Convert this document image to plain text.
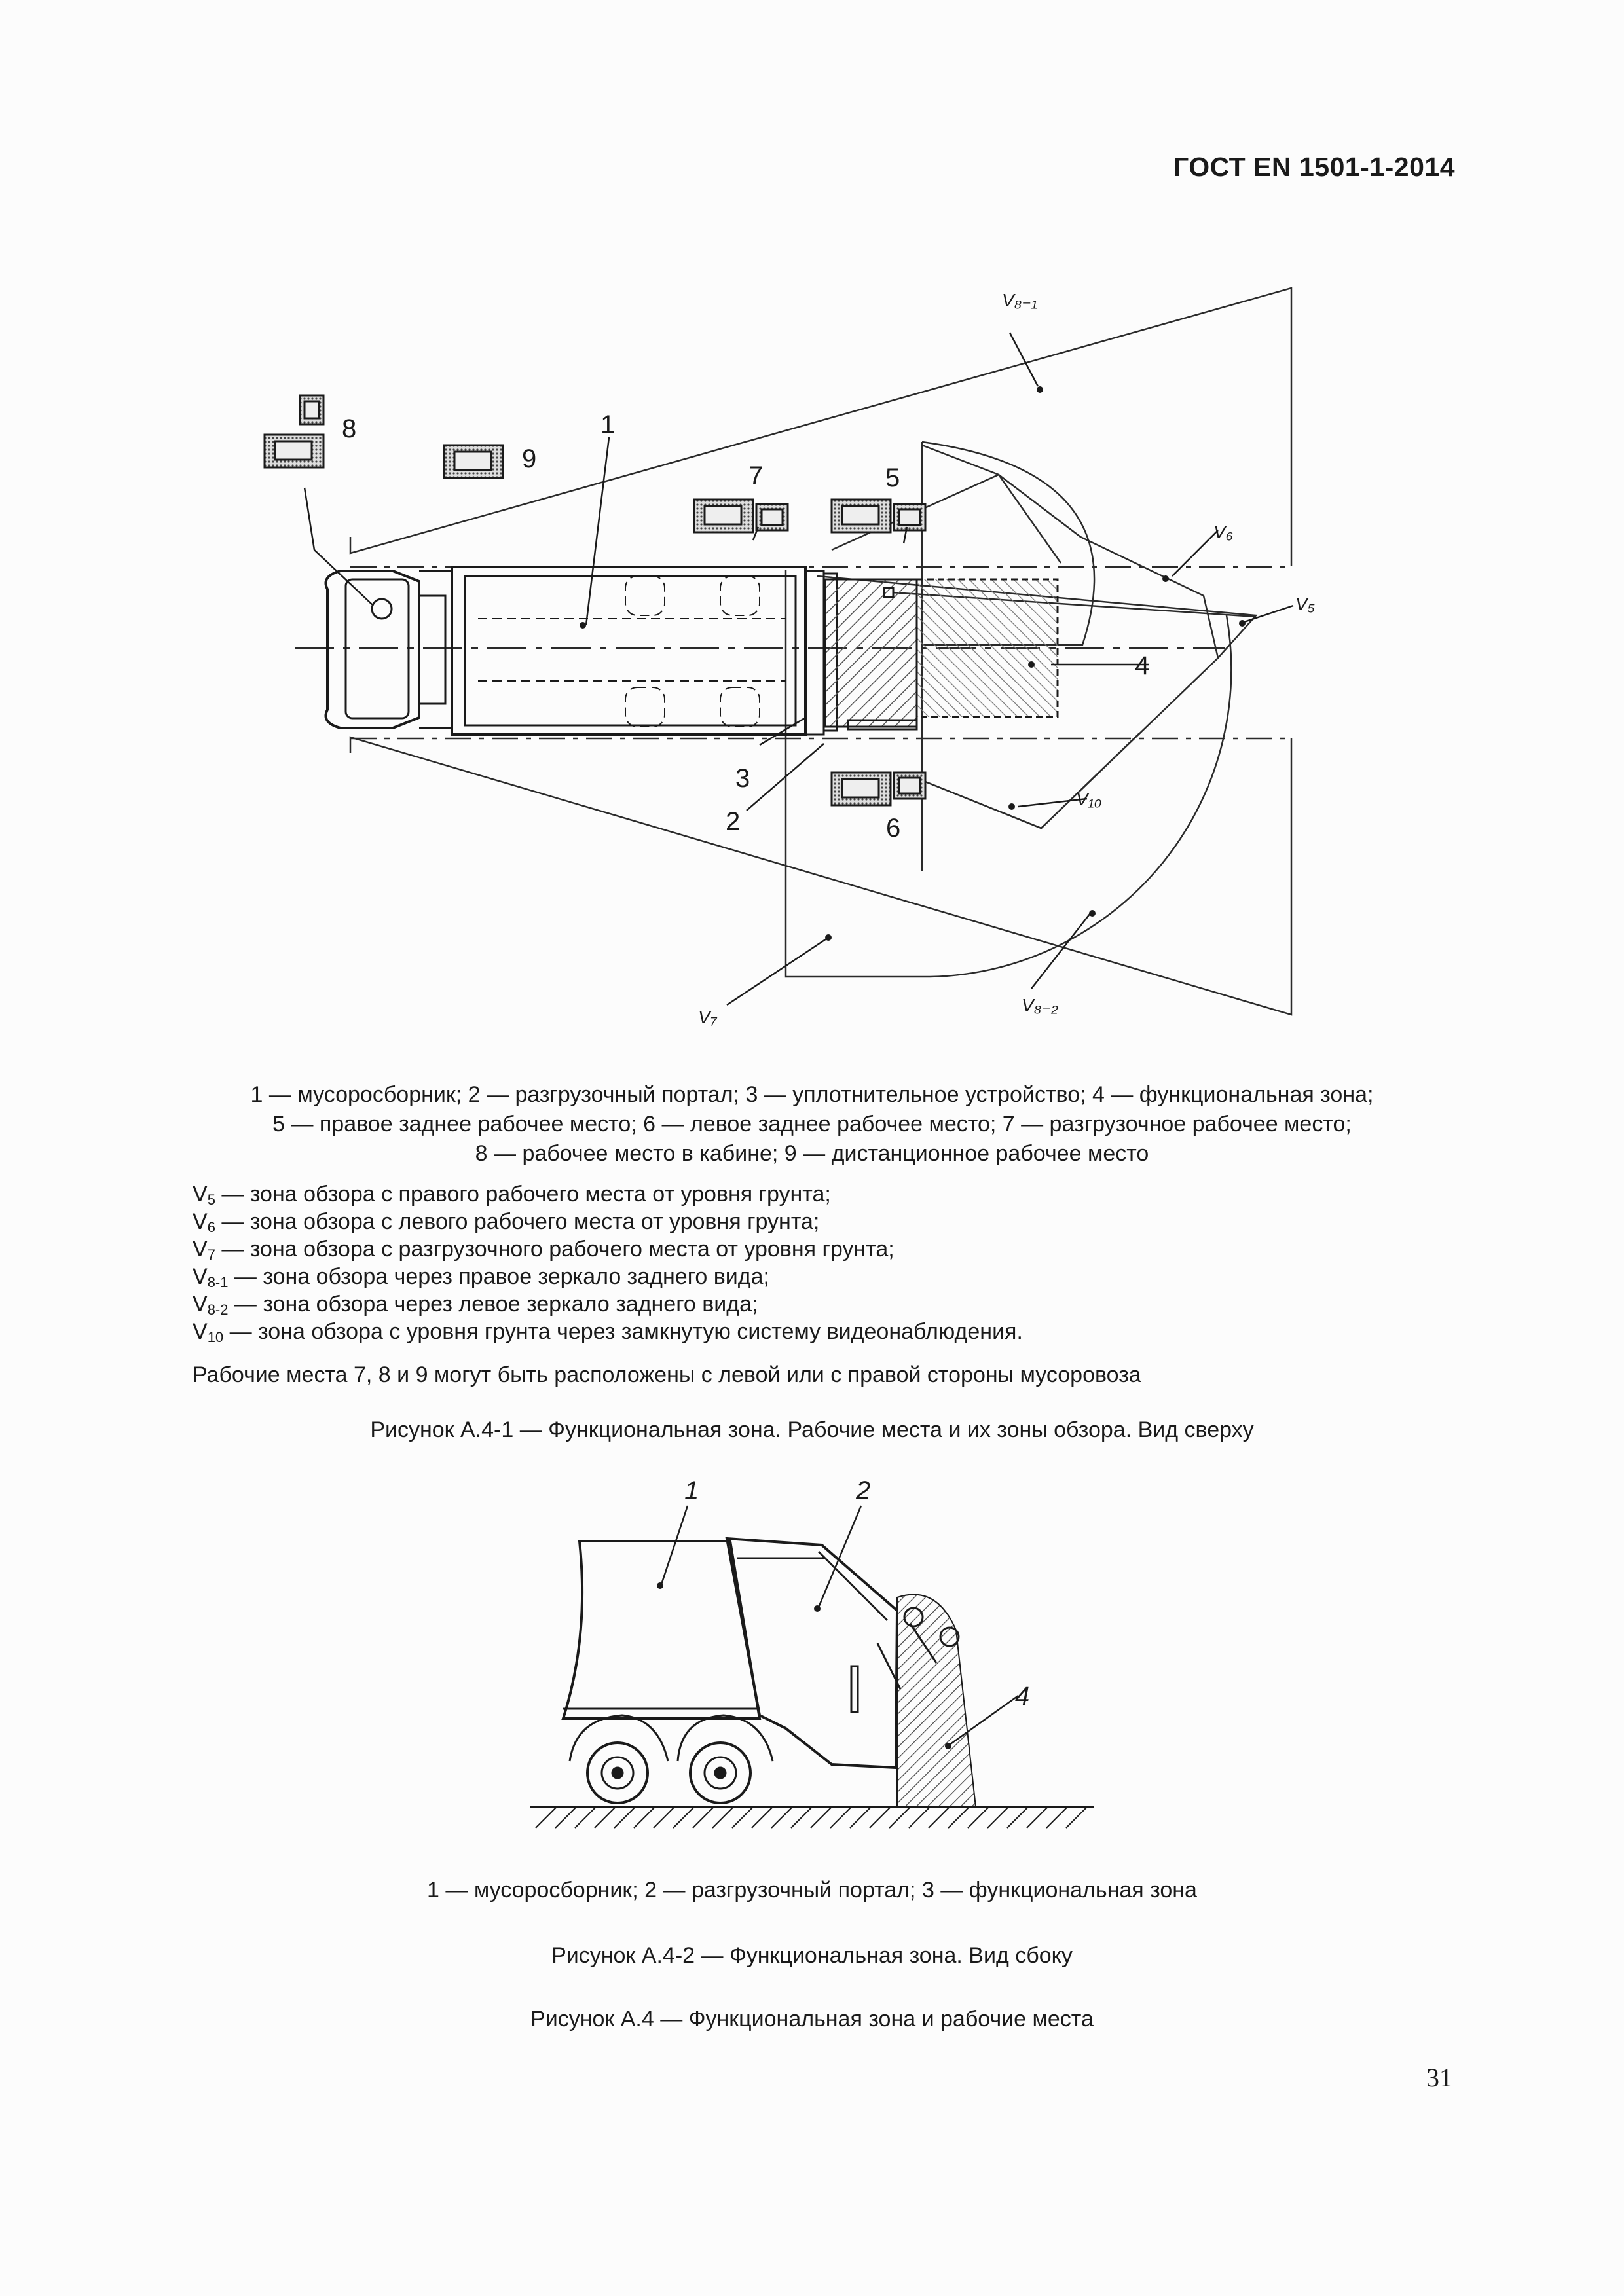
ГОСТ EN 1501-1-2014
8
9
1
7	5
4
3
2	6
V₈₋₁
V₆
V₅
V₁₀
V₇
V₈₋₂
1 — мусоросборник; 2 — разгрузочный портал; 3 — уплотнительное устройство; 4 — функциональная зона;
5 — правое заднее рабочее место; 6 — левое заднее рабочее место; 7 — разгрузочное рабочее место;
8 — рабочее место в кабине; 9 — дистанционное рабочее место
$V_5$ — зона обзора с правого рабочего места от уровня грунта;
$V_6$ — зона обзора с левого рабочего места от уровня грунта;
$V_7$ — зона обзора с разгрузочного рабочего места от уровня грунта;
$V_{8-1}$ — зона обзора через правое зеркало заднего вида;
$V_{8-2}$ — зона обзора через левое зеркало заднего вида;
$V_{10}$ — зона обзора с уровня грунта через замкнутую систему видеонаблюдения.
Рабочие места 7, 8 и 9 могут быть расположены с левой или с правой стороны мусоровоза
Рисунок А.4-1 — Функциональная зона. Рабочие места и их зоны обзора. Вид сверху
1	2
4
1 — мусоросборник; 2 — разгрузочный портал; 3 — функциональная зона
Рисунок А.4-2 — Функциональная зона. Вид сбоку
Рисунок А.4 — Функциональная зона и рабочие места
31
